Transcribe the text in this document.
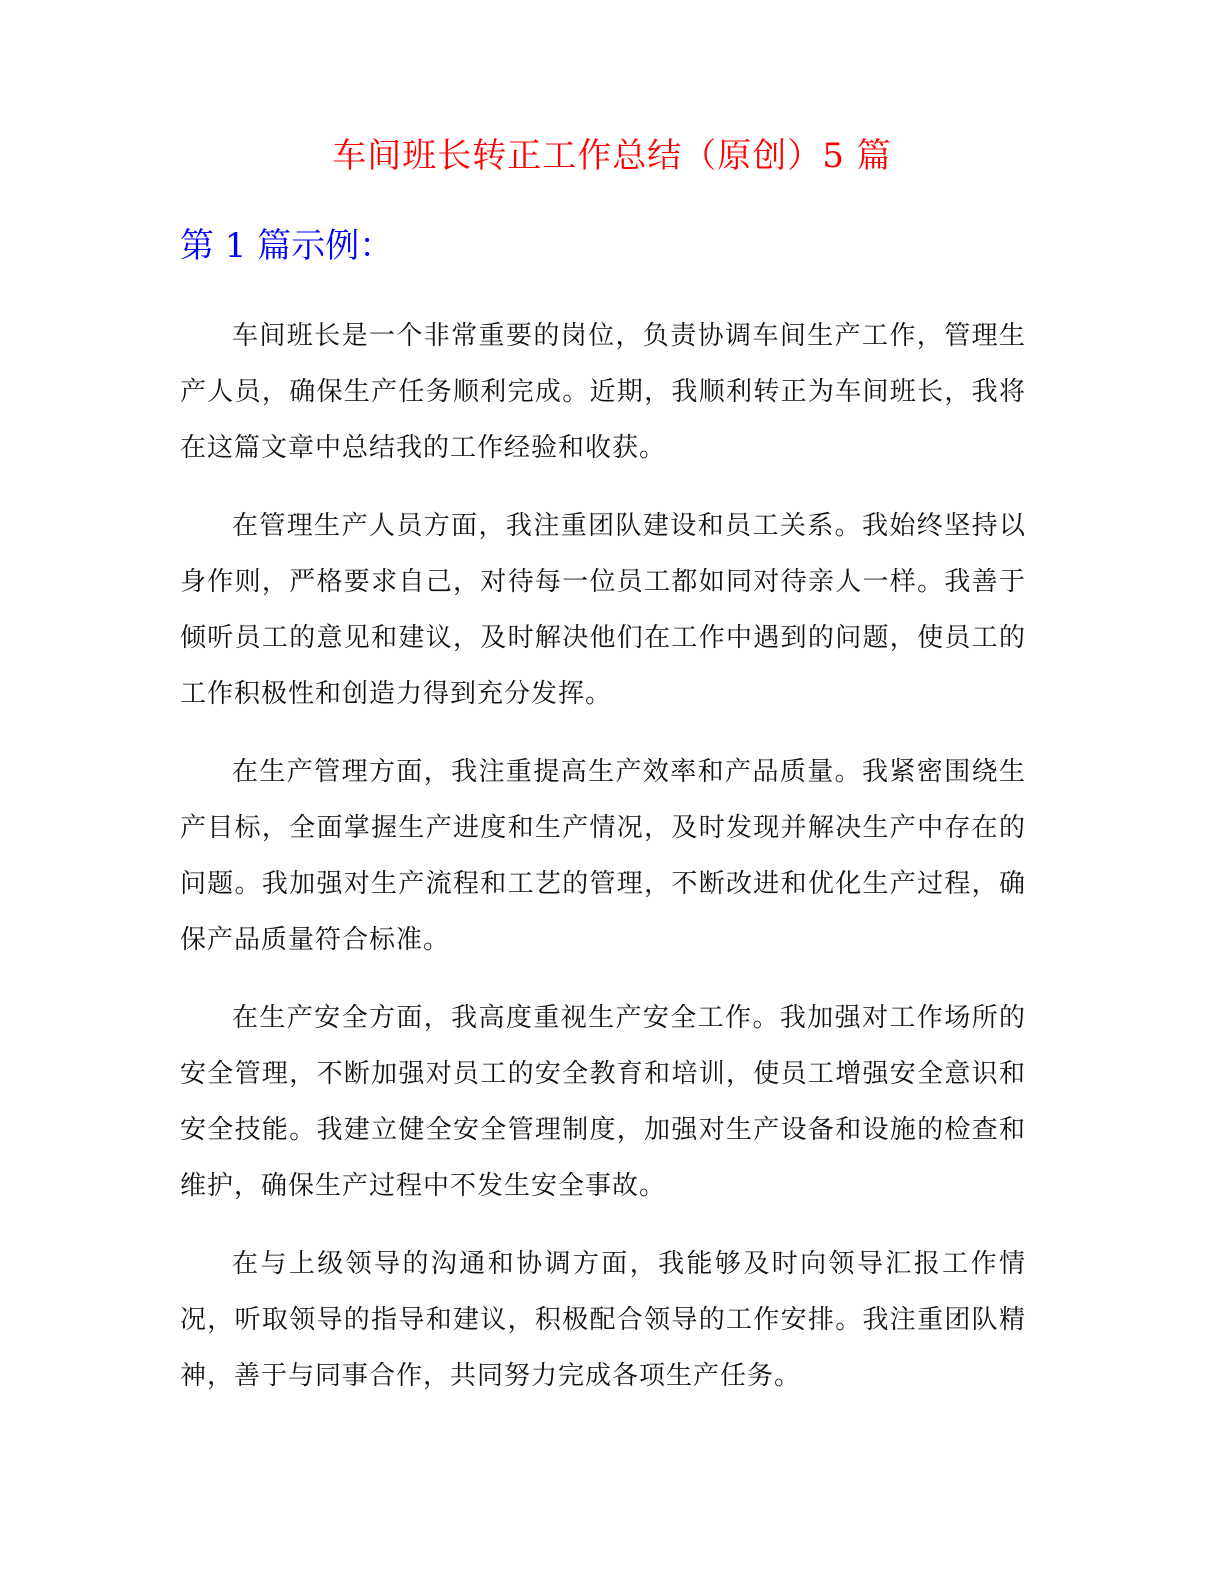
车间班长转正工作总结（原创）5 篇
第 1 篇示例：

车间班长是一个非常重要的岗位，负责协调车间生产工作，管理生产人员，确保生产任务顺利完成。近期，我顺利转正为车间班长，我将在这篇文章中总结我的工作经验和收获。

在管理生产人员方面，我注重团队建设和员工关系。我始终坚持以身作则，严格要求自己，对待每一位员工都如同对待亲人一样。我善于倾听员工的意见和建议，及时解决他们在工作中遇到的问题，使员工的工作积极性和创造力得到充分发挥。

在生产管理方面，我注重提高生产效率和产品质量。我紧密围绕生产目标，全面掌握生产进度和生产情况，及时发现并解决生产中存在的问题。我加强对生产流程和工艺的管理，不断改进和优化生产过程，确保产品质量符合标准。

在生产安全方面，我高度重视生产安全工作。我加强对工作场所的安全管理，不断加强对员工的安全教育和培训，使员工增强安全意识和安全技能。我建立健全安全管理制度，加强对生产设备和设施的检查和维护，确保生产过程中不发生安全事故。

在与上级领导的沟通和协调方面，我能够及时向领导汇报工作情况，听取领导的指导和建议，积极配合领导的工作安排。我注重团队精神，善于与同事合作，共同努力完成各项生产任务。
